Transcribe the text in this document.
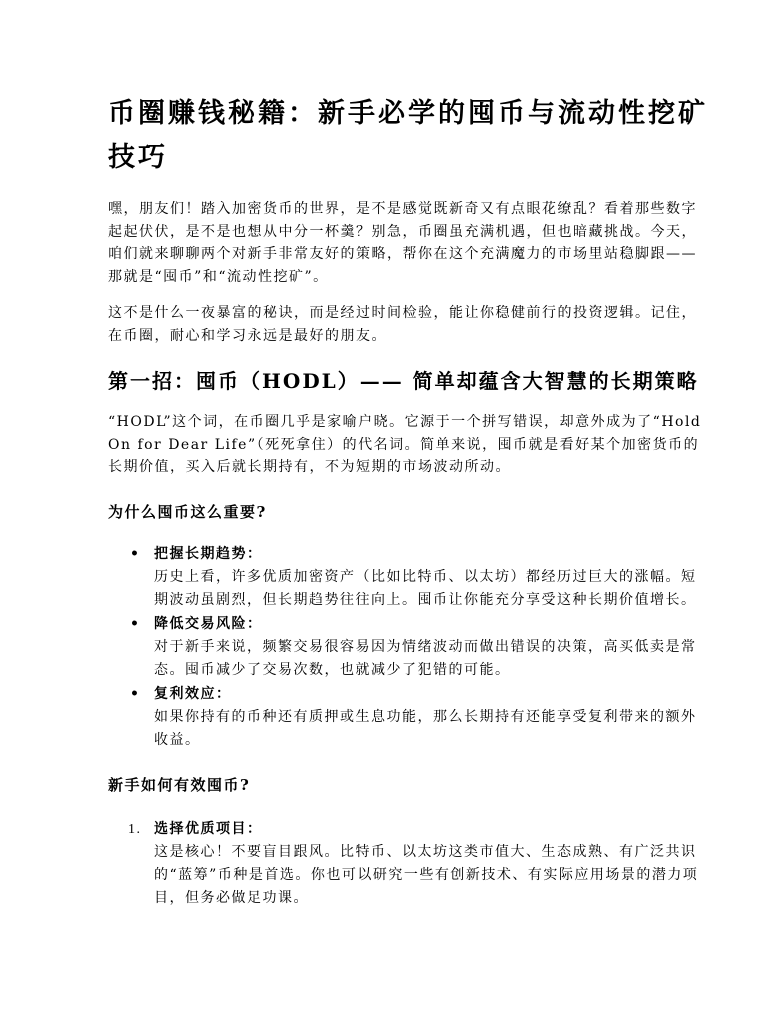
币圈赚钱秘籍：新手必学的囤币与流动性挖矿技巧

嘿，朋友们！踏入加密货币的世界，是不是感觉既新奇又有点眼花缭乱？看着那些数字起起伏伏，是不是也想从中分一杯羹？别急，币圈虽充满机遇，但也暗藏挑战。今天，咱们就来聊聊两个对新手非常友好的策略，帮你在这个充满魔力的市场里站稳脚跟——那就是“囤币”和“流动性挖矿”。

这不是什么一夜暴富的秘诀，而是经过时间检验，能让你稳健前行的投资逻辑。记住，在币圈，耐心和学习永远是最好的朋友。

第一招：囤币（HODL）—— 简单却蕴含大智慧的长期策略

“HODL”这个词，在币圈几乎是家喻户晓。它源于一个拼写错误，却意外成为了“Hold On for Dear Life”（死死拿住）的代名词。简单来说，囤币就是看好某个加密货币的长期价值，买入后就长期持有，不为短期的市场波动所动。

为什么囤币这么重要?
• 把握长期趋势：
历史上看，许多优质加密资产（比如比特币、以太坊）都经历过巨大的涨幅。短期波动虽剧烈，但长期趋势往往向上。囤币让你能充分享受这种长期价值增长。
• 降低交易风险：
对于新手来说，频繁交易很容易因为情绪波动而做出错误的决策，高买低卖是常态。囤币减少了交易次数，也就减少了犯错的可能。
• 复利效应：
如果你持有的币种还有质押或生息功能，那么长期持有还能享受复利带来的额外收益。
新手如何有效囤币?
1. 选择优质项目：
这是核心！不要盲目跟风。比特币、以太坊这类市值大、生态成熟、有广泛共识的“蓝筹”币种是首选。你也可以研究一些有创新技术、有实际应用场景的潜力项目，但务必做足功课。
